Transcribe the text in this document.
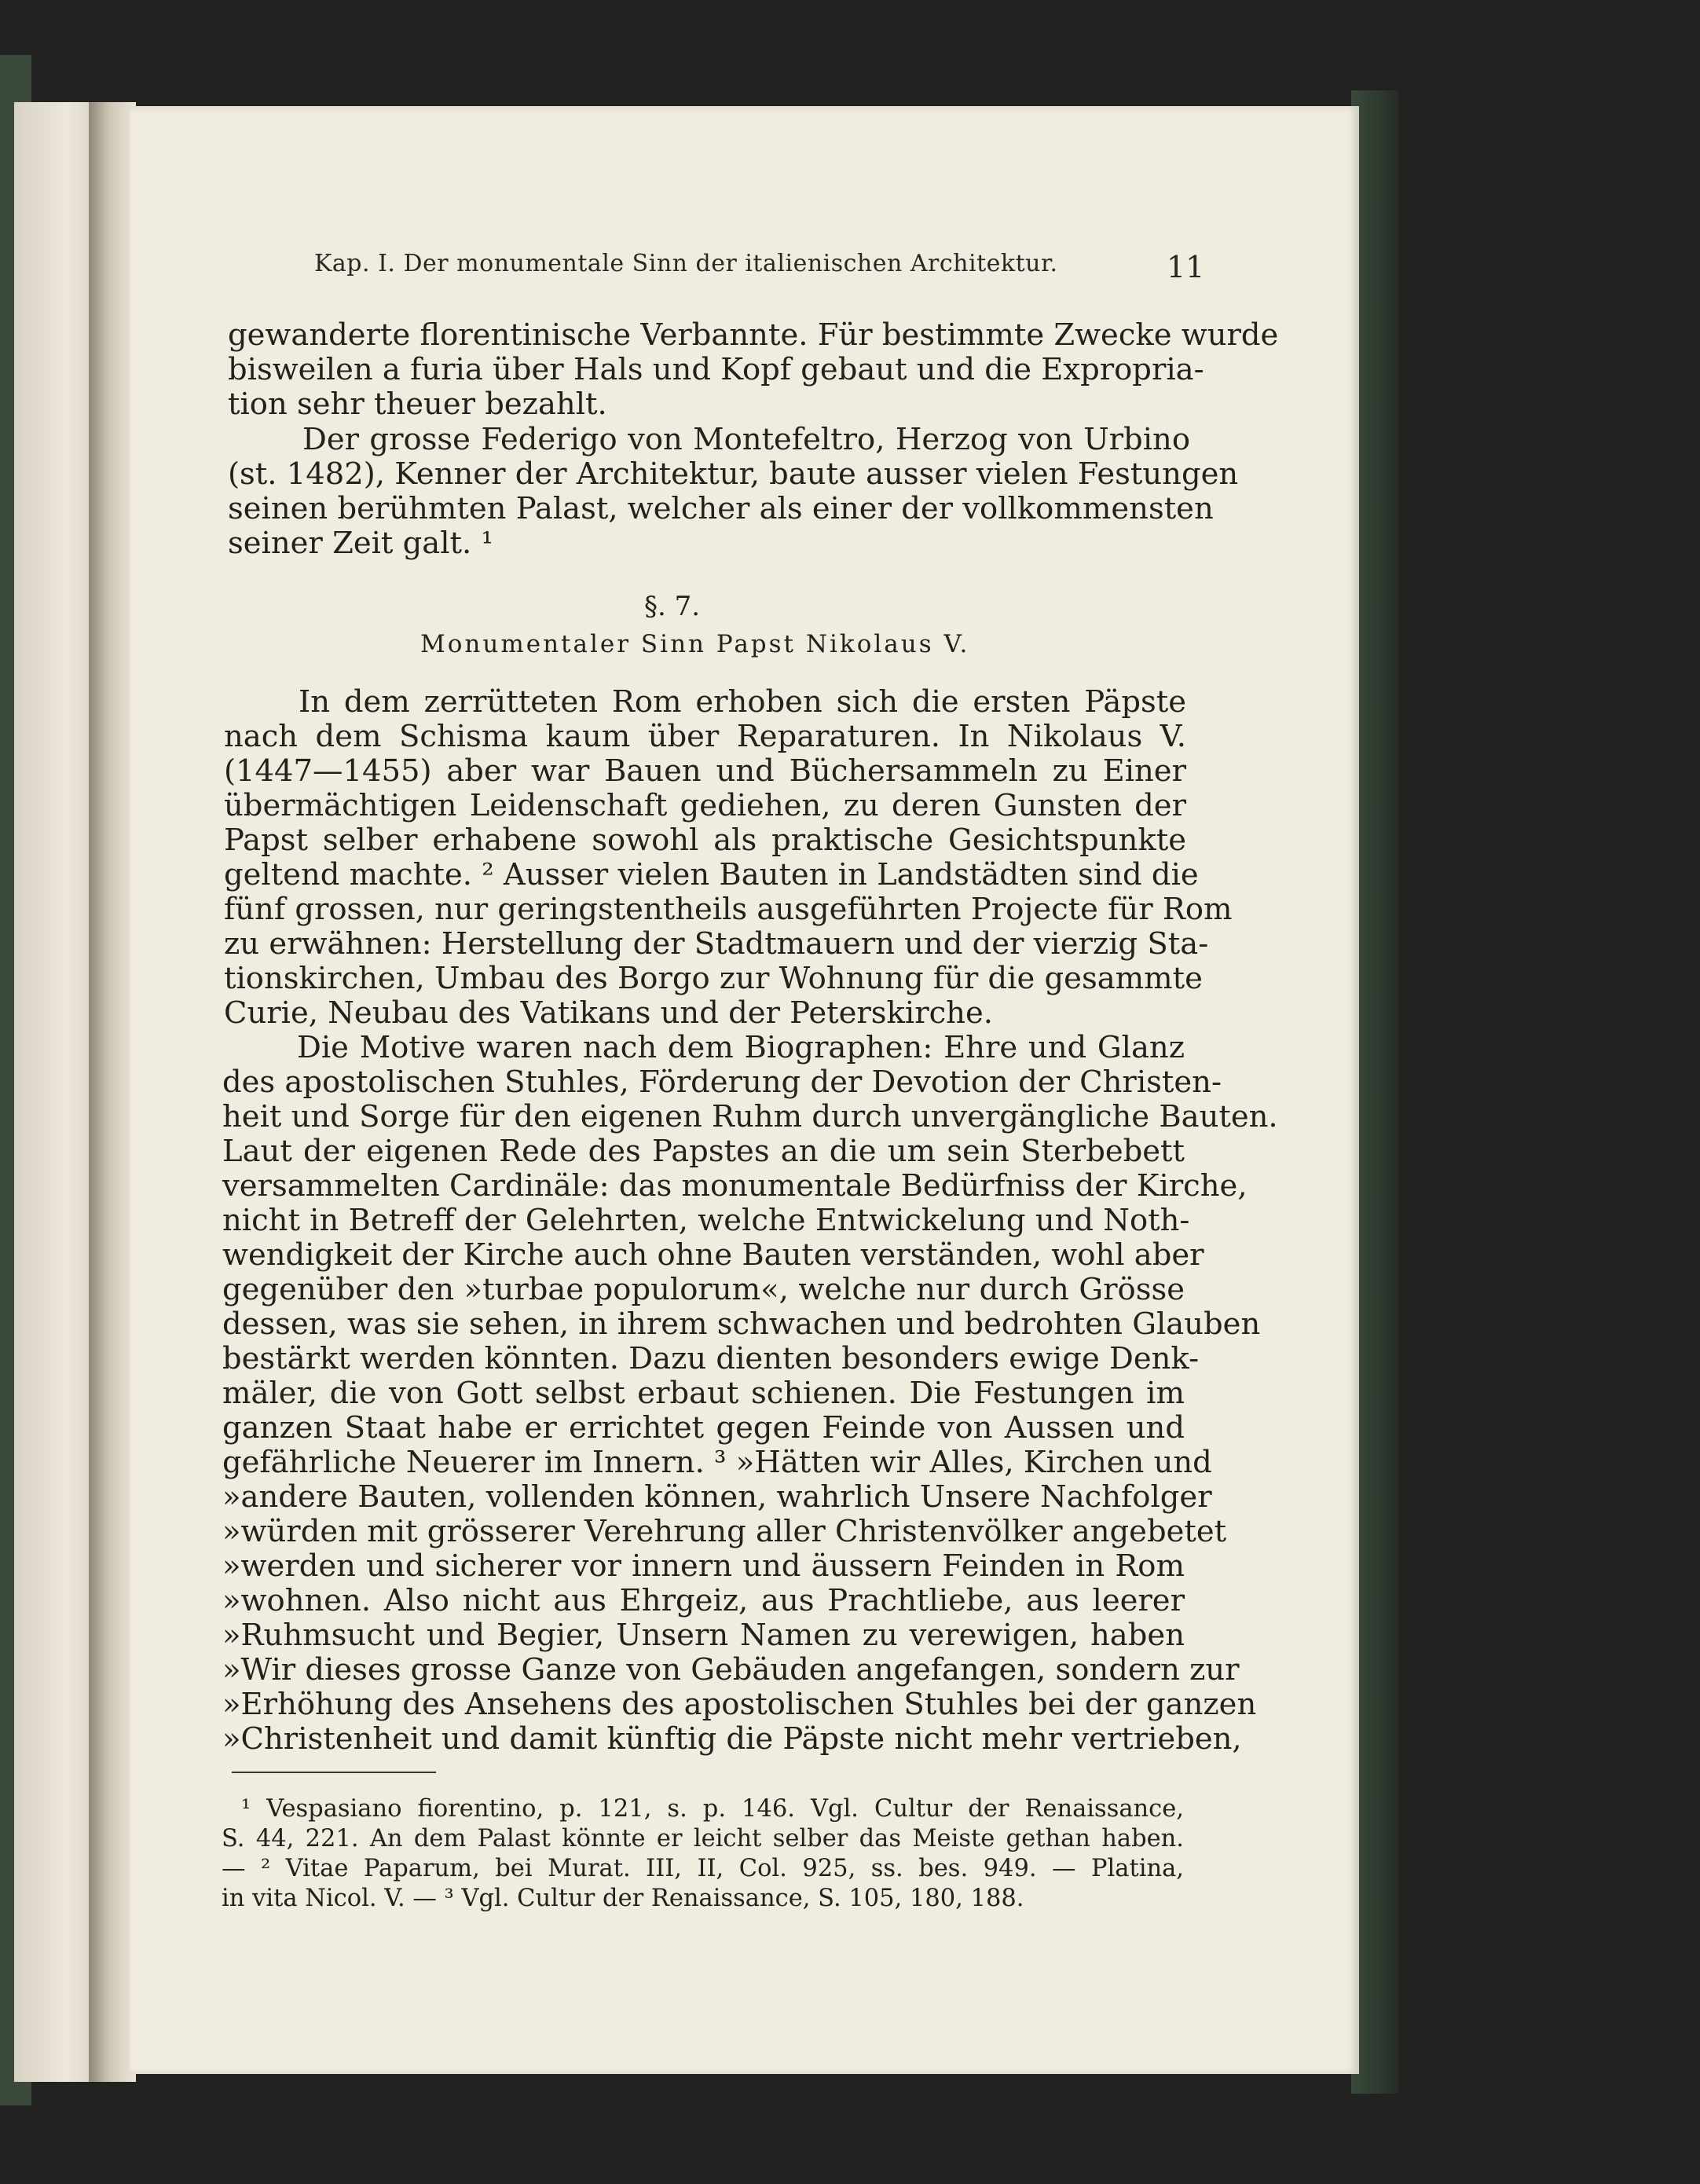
Kap. I. Der monumentale Sinn der italienischen Architektur.	11
gewanderte florentinische Verbannte. Für bestimmte Zwecke wurde
bisweilen a furia über Hals und Kopf gebaut und die Expropria-
tion sehr theuer bezahlt.
Der grosse Federigo von Montefeltro, Herzog von Urbino
(st. 1482), Kenner der Architektur, baute ausser vielen Festungen
seinen berühmten Palast, welcher als einer der vollkommensten
seiner Zeit galt. ¹
§. 7.
Monumentaler Sinn Papst Nikolaus V.
In dem zerrütteten Rom erhoben sich die ersten Päpste
nach dem Schisma kaum über Reparaturen. In Nikolaus V.
(1447—1455) aber war Bauen und Büchersammeln zu Einer
übermächtigen Leidenschaft gediehen, zu deren Gunsten der
Papst selber erhabene sowohl als praktische Gesichtspunkte
geltend machte. ² Ausser vielen Bauten in Landstädten sind die
fünf grossen, nur geringstentheils ausgeführten Projecte für Rom
zu erwähnen: Herstellung der Stadtmauern und der vierzig Sta-
tionskirchen, Umbau des Borgo zur Wohnung für die gesammte
Curie, Neubau des Vatikans und der Peterskirche.
Die Motive waren nach dem Biographen: Ehre und Glanz
des apostolischen Stuhles, Förderung der Devotion der Christen-
heit und Sorge für den eigenen Ruhm durch unvergängliche Bauten.
Laut der eigenen Rede des Papstes an die um sein Sterbebett
versammelten Cardinäle: das monumentale Bedürfniss der Kirche,
nicht in Betreff der Gelehrten, welche Entwickelung und Noth-
wendigkeit der Kirche auch ohne Bauten verständen, wohl aber
gegenüber den »turbae populorum«, welche nur durch Grösse
dessen, was sie sehen, in ihrem schwachen und bedrohten Glauben
bestärkt werden könnten. Dazu dienten besonders ewige Denk-
mäler, die von Gott selbst erbaut schienen. Die Festungen im
ganzen Staat habe er errichtet gegen Feinde von Aussen und
gefährliche Neuerer im Innern. ³ »Hätten wir Alles, Kirchen und
»andere Bauten, vollenden können, wahrlich Unsere Nachfolger
»würden mit grösserer Verehrung aller Christenvölker angebetet
»werden und sicherer vor innern und äussern Feinden in Rom
»wohnen. Also nicht aus Ehrgeiz, aus Prachtliebe, aus leerer
»Ruhmsucht und Begier, Unsern Namen zu verewigen, haben
»Wir dieses grosse Ganze von Gebäuden angefangen, sondern zur
»Erhöhung des Ansehens des apostolischen Stuhles bei der ganzen
»Christenheit und damit künftig die Päpste nicht mehr vertrieben,
¹ Vespasiano fiorentino, p. 121, s. p. 146. Vgl. Cultur der Renaissance,
S. 44, 221. An dem Palast könnte er leicht selber das Meiste gethan haben.
— ² Vitae Paparum, bei Murat. III, II, Col. 925, ss. bes. 949. — Platina,
in vita Nicol. V. — ³ Vgl. Cultur der Renaissance, S. 105, 180, 188.
